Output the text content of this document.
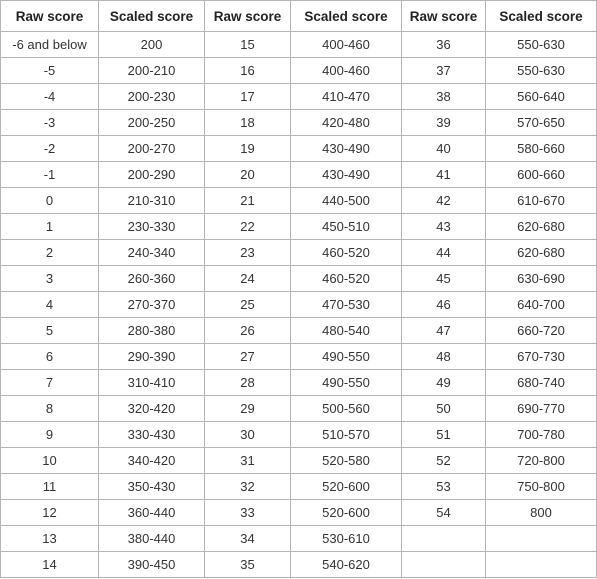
Raw score	Scaled score	Raw score	Scaled score	Raw score	Scaled score
-6 and below	200	15	400-460	36	550-630
-5	200-210	16	400-460	37	550-630
-4	200-230	17	410-470	38	560-640
-3	200-250	18	420-480	39	570-650
-2	200-270	19	430-490	40	580-660
-1	200-290	20	430-490	41	600-660
0	210-310	21	440-500	42	610-670
1	230-330	22	450-510	43	620-680
2	240-340	23	460-520	44	620-680
3	260-360	24	460-520	45	630-690
4	270-370	25	470-530	46	640-700
5	280-380	26	480-540	47	660-720
6	290-390	27	490-550	48	670-730
7	310-410	28	490-550	49	680-740
8	320-420	29	500-560	50	690-770
9	330-430	30	510-570	51	700-780
10	340-420	31	520-580	52	720-800
11	350-430	32	520-600	53	750-800
12	360-440	33	520-600	54	800
13	380-440	34	530-610		
14	390-450	35	540-620		
